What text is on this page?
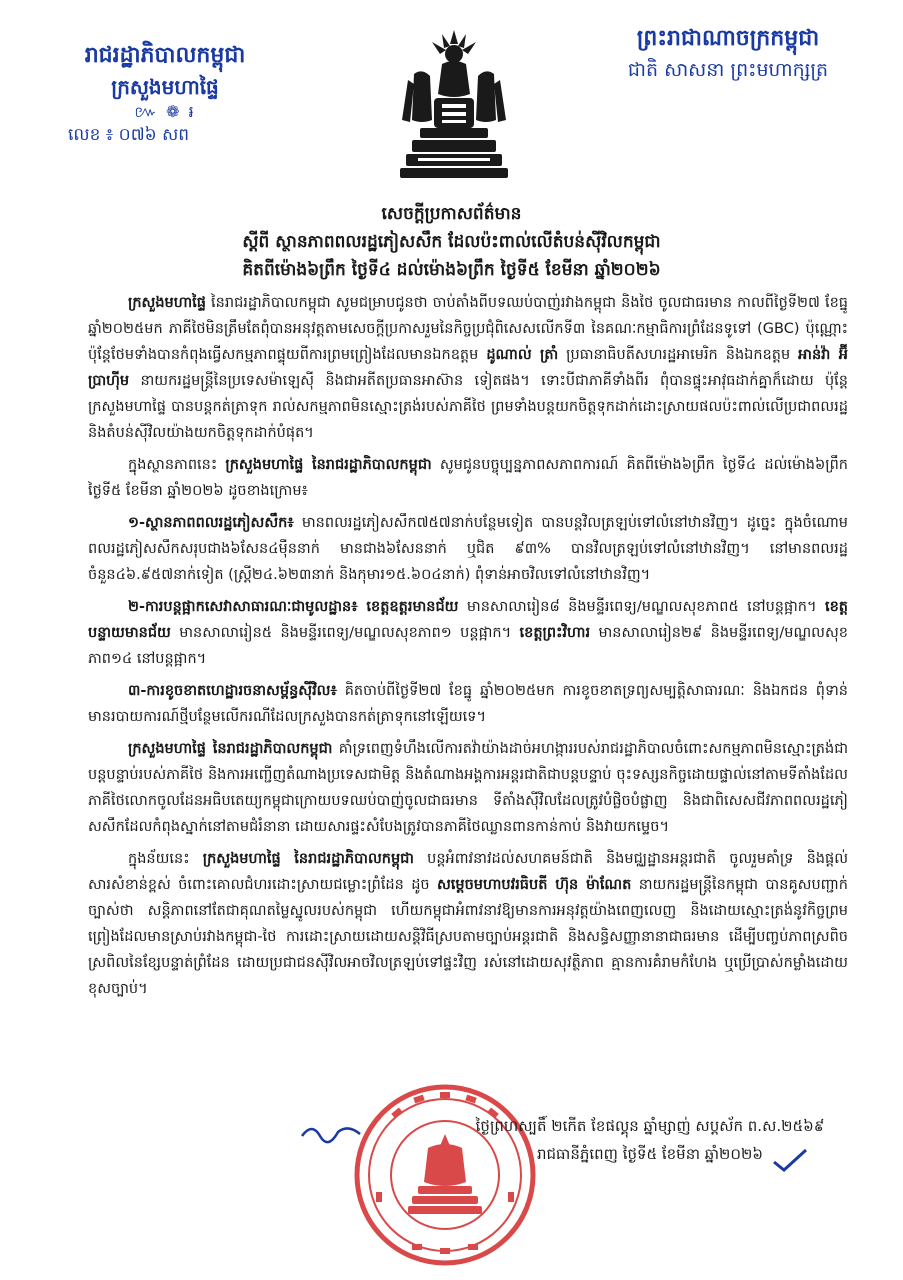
រាជរដ្ឋាភិបាលកម្ពុជា
ក្រសួងមហាផ្ទៃ
៚ ❁ ៛
លេខ ៖ ០៧៦ សព
ព្រះរាជាណាចក្រកម្ពុជា
ជាតិ សាសនា ព្រះមហាក្សត្រ
សេចក្ដីប្រកាសព័ត៌មាន
ស្តីពី ស្ថានភាពពលរដ្ឋភៀសសឹក ដែលប៉ះពាល់លើតំបន់ស៊ីវិលកម្ពុជា
គិតពីម៉ោង៦ព្រឹក ថ្ងៃទី៤ ដល់ម៉ោង៦ព្រឹក ថ្ងៃទី៥ ខែមីនា ឆ្នាំ២០២៦

ក្រសួងមហាផ្ទៃ នៃរាជរដ្ឋាភិបាលកម្ពុជា សូមជម្រាបជូនថា ចាប់តាំងពីបទឈប់បាញ់រវាងកម្ពុជា និងថៃ ចូលជាធរមាន កាលពីថ្ងៃទី២៧ ខែធ្នូ ឆ្នាំ២០២៥មក ភាគីថៃមិនត្រឹមតែពុំបានអនុវត្តតាមសេចក្តីប្រកាសរួមនៃកិច្ចប្រជុំពិសេសលើកទី៣ នៃគណៈកម្មាធិការព្រំដែនទូទៅ (GBC) ប៉ុណ្ណោះ ប៉ុន្តែថែមទាំងបានកំពុងធ្វើសកម្មភាពផ្ទុយពីការព្រមព្រៀងដែលមានឯកឧត្តម ដូណាល់ ត្រាំ ប្រធានាធិបតីសហរដ្ឋអាមេរិក និងឯកឧត្តម អាន់វ៉ា អ៊ីប្រាហ៊ីម នាយករដ្ឋមន្ត្រីនៃប្រទេសម៉ាឡេស៊ី និងជាអតីតប្រធានអាស៊ាន ទៀតផង។ ទោះបីជាភាគីទាំងពីរ ពុំបានផ្ទុះអាវុធដាក់គ្នាក៏ដោយ ប៉ុន្តែ ក្រសួងមហាផ្ទៃ បានបន្តកត់ត្រាទុក រាល់សកម្មភាពមិនស្មោះត្រង់របស់ភាគីថៃ ព្រមទាំងបន្តយកចិត្តទុកដាក់ដោះស្រាយផលប៉ះពាល់លើប្រជាពលរដ្ឋ និងតំបន់ស៊ីវិលយ៉ាងយកចិត្តទុកដាក់បំផុត។

ក្នុងស្ថានភាពនេះ ក្រសួងមហាផ្ទៃ នៃរាជរដ្ឋាភិបាលកម្ពុជា សូមជូនបច្ចុប្បន្នភាពសភាពការណ៍ គិតពីម៉ោង៦ព្រឹក ថ្ងៃទី៤ ដល់ម៉ោង៦ព្រឹក ថ្ងៃទី៥ ខែមីនា ឆ្នាំ២០២៦ ដូចខាងក្រោម៖

១-ស្ថានភាពពលរដ្ឋភៀសសឹក៖ មានពលរដ្ឋភៀសសឹក៧៥៧នាក់បន្ថែមទៀត បានបន្តវិលត្រឡប់ទៅលំនៅឋានវិញ។ ដូច្នេះ ក្នុងចំណោមពលរដ្ឋភៀសសឹកសរុបជាង៦សែន៤ម៉ឺននាក់ មានជាង៦សែននាក់ ឬជិត ៩៣% បានវិលត្រឡប់ទៅលំនៅឋានវិញ។ នៅមានពលរដ្ឋចំនួន៤៦.៩៥៧នាក់ទៀត (ស្ត្រី២៤.៦២៣នាក់ និងកុមារ១៥.៦០៤នាក់) ពុំទាន់អាចវិលទៅលំនៅឋានវិញ។

២-ការបន្តផ្អាកសេវាសាធារណៈជាមូលដ្ឋាន៖ ខេត្តឧត្តរមានជ័យ មានសាលារៀន៨ និងមន្ទីរពេទ្យ/មណ្ឌលសុខភាព៥ នៅបន្តផ្អាក។ ខេត្តបន្ទាយមានជ័យ មានសាលារៀន៥ និងមន្ទីរពេទ្យ/មណ្ឌលសុខភាព១ បន្តផ្អាក។ ខេត្តព្រះវិហារ មានសាលារៀន២៩ និងមន្ទីរពេទ្យ/មណ្ឌលសុខភាព១៤ នៅបន្តផ្អាក។

៣-ការខូចខាតហេដ្ឋារចនាសម្ព័ន្ធស៊ីវិល៖ គិតចាប់ពីថ្ងៃទី២៧ ខែធ្នូ ឆ្នាំ២០២៥មក ការខូចខាតទ្រព្យសម្បត្តិសាធារណៈ និងឯកជន ពុំទាន់មានរបាយការណ៍ថ្មីបន្ថែមលើករណីដែលក្រសួងបានកត់ត្រាទុកនៅឡើយទេ។

ក្រសួងមហាផ្ទៃ នៃរាជរដ្ឋាភិបាលកម្ពុជា គាំទ្រពេញទំហឹងលើការតវ៉ាយ៉ាងដាច់អហង្ការរបស់រាជរដ្ឋាភិបាលចំពោះសកម្មភាពមិនស្មោះត្រង់ជាបន្តបន្ទាប់របស់ភាគីថៃ និងការអញ្ជើញតំណាងប្រទេសជាមិត្ត និងតំណាងអង្គការអន្តរជាតិជាបន្តបន្ទាប់ ចុះទស្សនកិច្ចដោយផ្ទាល់នៅតាមទីតាំងដែលភាគីថៃលោកចូលដែនអធិបតេយ្យកម្ពុជាក្រោយបទឈប់បាញ់ចូលជាធរមាន ទីតាំងស៊ីវិលដែលត្រូវបំផ្លិចបំផ្លាញ និងជាពិសេសជីវភាពពលរដ្ឋភៀសសឹកដែលកំពុងស្នាក់នៅតាមជំរំនានា ដោយសារផ្ទះសំបែងត្រូវបានភាគីថៃឈ្លានពានកាន់កាប់ និងវាយកម្ទេច។

ក្នុងន័យនេះ ក្រសួងមហាផ្ទៃ នៃរាជរដ្ឋាភិបាលកម្ពុជា បន្តអំពាវនាវដល់សហគមន៍ជាតិ និងមជ្ឈដ្ឋានអន្តរជាតិ ចូលរួមគាំទ្រ និងផ្តល់សារសំខាន់ខ្ពស់ ចំពោះគោលជំហរដោះស្រាយជម្លោះព្រំដែន ដូច សម្តេចមហាបវរធិបតី ហ៊ុន ម៉ាណែត នាយករដ្ឋមន្ត្រីនៃកម្ពុជា បានគូសបញ្ជាក់ច្បាស់ថា សន្តិភាពនៅតែជាគុណតម្លៃស្នូលរបស់កម្ពុជា ហើយកម្ពុជាអំពាវនាវឱ្យមានការអនុវត្តយ៉ាងពេញលេញ និងដោយស្មោះត្រង់នូវកិច្ចព្រមព្រៀងដែលមានស្រាប់រវាងកម្ពុជា-ថៃ ការដោះស្រាយដោយសន្តិវិធីស្របតាមច្បាប់អន្តរជាតិ និងសន្ធិសញ្ញានានាជាធរមាន ដើម្បីបញ្ចប់ភាពស្រពិចស្រពិលនៃខ្សែបន្ទាត់ព្រំដែន ដោយប្រជាជនស៊ីវិលអាចវិលត្រឡប់ទៅផ្ទះវិញ រស់នៅដោយសុវត្ថិភាព គ្មានការគំរាមកំហែង ឬប្រើប្រាស់កម្លាំងដោយខុសច្បាប់។

ថ្ងៃព្រហស្បតិ៍ ២កើត ខែផល្គុន ឆ្នាំម្សាញ់ សប្តស័ក ព.ស.២៥៦៩
រាជធានីភ្នំពេញ ថ្ងៃទី៥ ខែមីនា ឆ្នាំ២០២៦
